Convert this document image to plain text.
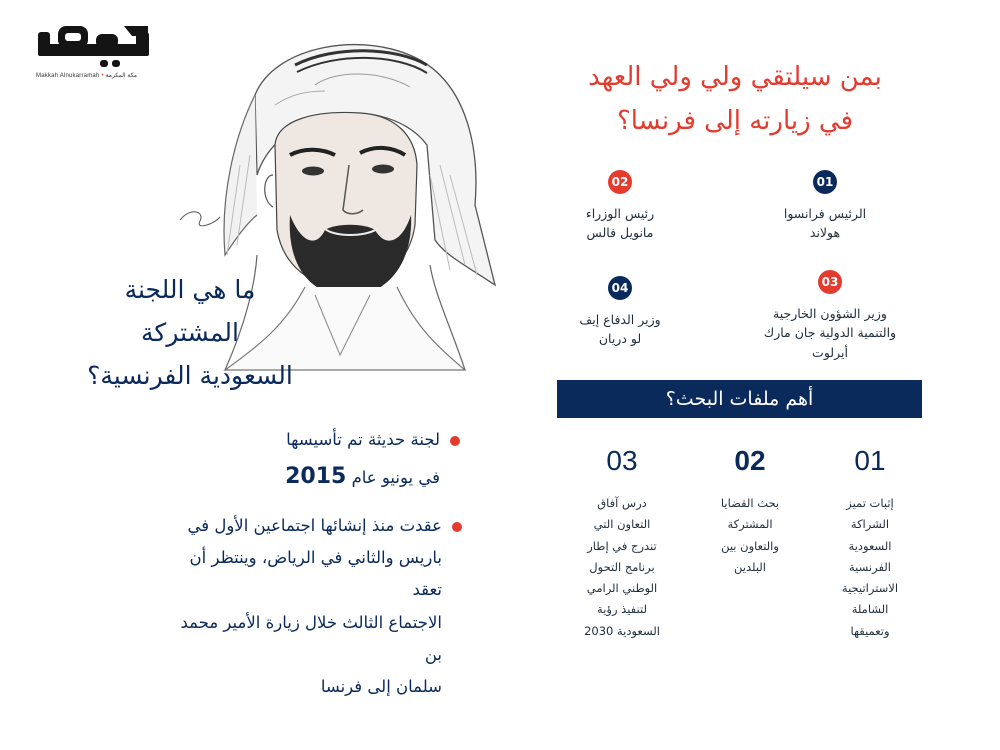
Makkah Alnukarramah • مكة المكرمة	بمن سيلتقي ولي ولي العهد
في زيارته إلى فرنسا؟
01
الرئيس فرانسوا
هولاند
02
رئيس الوزراء
مانويل فالس
03
وزير الشؤون الخارجية
والتنمية الدولية جان مارك
أيرلوت
04
وزير الدفاع إيف
لو دريان
أهم ملفات البحث؟
01
إثبات تميز
الشراكة
السعودية
الفرنسية
الاستراتيجية
الشاملة
وتعميقها
02
بحث القضايا
المشتركة
والتعاون بين
البلدين
03
درس آفاق
التعاون التي
تندرج في إطار
برنامج التحول
الوطني الرامي
لتنفيذ رؤية
السعودية 2030
ما هي اللجنة
المشتركة
السعودية الفرنسية؟
لجنة حديثة تم تأسيسها
في يونيو عام 2015
عقدت منذ إنشائها اجتماعين الأول في
باريس والثاني في الرياض، وينتظر أن تعقد
الاجتماع الثالث خلال زيارة الأمير محمد بن
سلمان إلى فرنسا
